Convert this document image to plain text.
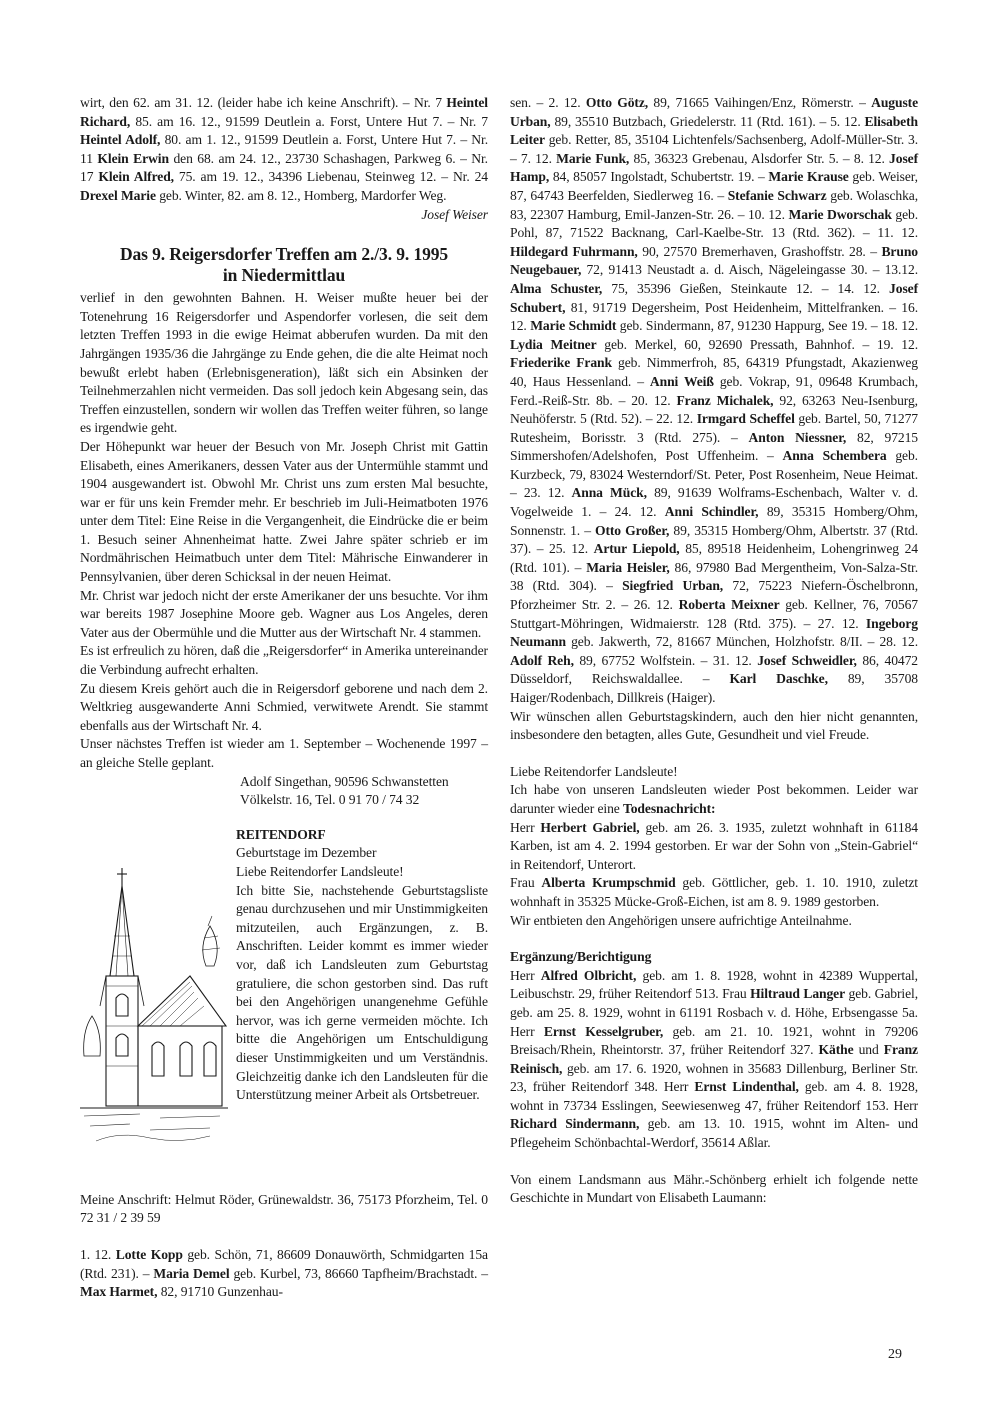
wirt, den 62. am 31. 12. (leider habe ich keine Anschrift). – Nr. 7 Heintel Richard, 85. am 16. 12., 91599 Deutlein a. Forst, Untere Hut 7. – Nr. 7 Heintel Adolf, 80. am 1. 12., 91599 Deutlein a. Forst, Untere Hut 7. – Nr. 11 Klein Erwin den 68. am 24. 12., 23730 Schashagen, Parkweg 6. – Nr. 17 Klein Alfred, 75. am 19. 12., 34396 Liebenau, Steinweg 12. – Nr. 24 Drexel Marie geb. Winter, 82. am 8. 12., Homberg, Mardorfer Weg.

Josef Weiser

Das 9. Reigersdorfer Treffen am 2./3. 9. 1995
in Niedermittlau

verlief in den gewohnten Bahnen. H. Weiser mußte heuer bei der Totenehrung 16 Reigersdorfer und Aspendorfer vorlesen, die seit dem letzten Treffen 1993 in die ewige Heimat abberufen wurden. Da mit den Jahrgängen 1935/36 die Jahrgänge zu Ende gehen, die die alte Heimat noch bewußt erlebt haben (Erlebnisgeneration), läßt sich ein Absinken der Teilnehmerzahlen nicht vermeiden. Das soll jedoch kein Abgesang sein, das Treffen einzustellen, sondern wir wollen das Treffen weiter führen, so lange es irgendwie geht.

Der Höhepunkt war heuer der Besuch von Mr. Joseph Christ mit Gattin Elisabeth, eines Amerikaners, dessen Vater aus der Untermühle stammt und 1904 ausgewandert ist. Obwohl Mr. Christ uns zum ersten Mal besuchte, war er für uns kein Fremder mehr. Er beschrieb im Juli-Heimatboten 1976 unter dem Titel: Eine Reise in die Vergangenheit, die Eindrücke die er beim 1. Besuch seiner Ahnenheimat hatte. Zwei Jahre später schrieb er im Nordmährischen Heimatbuch unter dem Titel: Mährische Einwanderer in Pennsylvanien, über deren Schicksal in der neuen Heimat.

Mr. Christ war jedoch nicht der erste Amerikaner der uns besuchte. Vor ihm war bereits 1987 Josephine Moore geb. Wagner aus Los Angeles, deren Vater aus der Obermühle und die Mutter aus der Wirtschaft Nr. 4 stammen.

Es ist erfreulich zu hören, daß die „Reigersdorfer“ in Amerika untereinander die Verbindung aufrecht erhalten.

Zu diesem Kreis gehört auch die in Reigersdorf geborene und nach dem 2. Weltkrieg ausgewanderte Anni Schmied, verwitwete Arendt. Sie stammt ebenfalls aus der Wirtschaft Nr. 4.

Unser nächstes Treffen ist wieder am 1. September – Wochenende 1997 – an gleiche Stelle geplant.

Adolf Singethan, 90596 Schwanstetten
Völkelstr. 16, Tel. 0 91 70 / 74 32
REITENDORF
Geburtstage im Dezember
Liebe Reitendorfer Landsleute!

Ich bitte Sie, nachstehende Geburtstagsliste genau durchzusehen und mir Unstimmigkeiten mitzuteilen, auch Ergänzungen, z. B. Anschriften. Leider kommt es immer wieder vor, daß ich Landsleuten zum Geburtstag gratuliere, die schon gestorben sind. Das ruft bei den Angehörigen unangenehme Gefühle hervor, was ich gerne vermeiden möchte. Ich bitte die Angehörigen um Entschuldigung dieser Unstimmigkeiten und um Verständnis. Gleichzeitig danke ich den Landsleuten für die Unterstützung meiner Arbeit als Ortsbetreuer.

Meine Anschrift: Helmut Röder, Grünewaldstr. 36, 75173 Pforzheim, Tel. 0 72 31 / 2 39 59

1. 12. Lotte Kopp geb. Schön, 71, 86609 Donauwörth, Schmidgarten 15a (Rtd. 231). – Maria Demel geb. Kurbel, 73, 86660 Tapfheim/Brachstadt. – Max Harmet, 82, 91710 Gunzenhau-

sen. – 2. 12. Otto Götz, 89, 71665 Vaihingen/Enz, Römerstr. – Auguste Urban, 89, 35510 Butzbach, Griedelerstr. 11 (Rtd. 161). – 5. 12. Elisabeth Leiter geb. Retter, 85, 35104 Lichtenfels/Sachsenberg, Adolf-Müller-Str. 3. – 7. 12. Marie Funk, 85, 36323 Grebenau, Alsdorfer Str. 5. – 8. 12. Josef Hamp, 84, 85057 Ingolstadt, Schubertstr. 19. – Marie Krause geb. Weiser, 87, 64743 Beerfelden, Siedlerweg 16. – Stefanie Schwarz geb. Wolaschka, 83, 22307 Hamburg, Emil-Janzen-Str. 26. – 10. 12. Marie Dworschak geb. Pohl, 87, 71522 Backnang, Carl-Kaelbe-Str. 13 (Rtd. 362). – 11. 12. Hildegard Fuhrmann, 90, 27570 Bremerhaven, Grashoffstr. 28. – Bruno Neugebauer, 72, 91413 Neustadt a. d. Aisch, Nägeleingasse 30. – 13.12. Alma Schuster, 75, 35396 Gießen, Steinkaute 12. – 14. 12. Josef Schubert, 81, 91719 Degersheim, Post Heidenheim, Mittelfranken. – 16. 12. Marie Schmidt geb. Sindermann, 87, 91230 Happurg, See 19. – 18. 12. Lydia Meitner geb. Merkel, 60, 92690 Pressath, Bahnhof. – 19. 12. Friederike Frank geb. Nimmerfroh, 85, 64319 Pfungstadt, Akazienweg 40, Haus Hessenland. – Anni Weiß geb. Vokrap, 91, 09648 Krumbach, Ferd.-Reiß-Str. 8b. – 20. 12. Franz Michalek, 92, 63263 Neu-Isenburg, Neuhöferstr. 5 (Rtd. 52). – 22. 12. Irmgard Scheffel geb. Bartel, 50, 71277 Rutesheim, Borisstr. 3 (Rtd. 275). – Anton Niessner, 82, 97215 Simmershofen/Adelshofen, Post Uffenheim. – Anna Schembera geb. Kurzbeck, 79, 83024 Westerndorf/St. Peter, Post Rosenheim, Neue Heimat. – 23. 12. Anna Mück, 89, 91639 Wolframs-Eschenbach, Walter v. d. Vogelweide 1. – 24. 12. Anni Schindler, 89, 35315 Homberg/Ohm, Sonnenstr. 1. – Otto Großer, 89, 35315 Homberg/Ohm, Albertstr. 37 (Rtd. 37). – 25. 12. Artur Liepold, 85, 89518 Heidenheim, Lohengrinweg 24 (Rtd. 101). – Maria Heisler, 86, 97980 Bad Mergentheim, Von-Salza-Str. 38 (Rtd. 304). – Siegfried Urban, 72, 75223 Niefern-Öschelbronn, Pforzheimer Str. 2. – 26. 12. Roberta Meixner geb. Kellner, 76, 70567 Stuttgart-Möhringen, Widmaierstr. 128 (Rtd. 375). – 27. 12. Ingeborg Neumann geb. Jakwerth, 72, 81667 München, Holzhofstr. 8/II. – 28. 12. Adolf Reh, 89, 67752 Wolfstein. – 31. 12. Josef Schweidler, 86, 40472 Düsseldorf, Reichswaldallee. – Karl Daschke, 89, 35708 Haiger/Rodenbach, Dillkreis (Haiger).

Wir wünschen allen Geburtstagskindern, auch den hier nicht genannten, insbesondere den betagten, alles Gute, Gesundheit und viel Freude.

Liebe Reitendorfer Landsleute!

Ich habe von unseren Landsleuten wieder Post bekommen. Leider war darunter wieder eine Todesnachricht:

Herr Herbert Gabriel, geb. am 26. 3. 1935, zuletzt wohnhaft in 61184 Karben, ist am 4. 2. 1994 gestorben. Er war der Sohn von „Stein-Gabriel“ in Reitendorf, Unterort.

Frau Alberta Krumpschmid geb. Göttlicher, geb. 1. 10. 1910, zuletzt wohnhaft in 35325 Mücke-Groß-Eichen, ist am 8. 9. 1989 gestorben.

Wir entbieten den Angehörigen unsere aufrichtige Anteilnahme.

Ergänzung/Berichtigung

Herr Alfred Olbricht, geb. am 1. 8. 1928, wohnt in 42389 Wuppertal, Leibuschstr. 29, früher Reitendorf 513. Frau Hiltraud Langer geb. Gabriel, geb. am 25. 8. 1929, wohnt in 61191 Rosbach v. d. Höhe, Erbsengasse 5a. Herr Ernst Kesselgruber, geb. am 21. 10. 1921, wohnt in 79206 Breisach/Rhein, Rheintorstr. 37, früher Reitendorf 327. Käthe und Franz Reinisch, geb. am 17. 6. 1920, wohnen in 35683 Dillenburg, Berliner Str. 23, früher Reitendorf 348. Herr Ernst Lindenthal, geb. am 4. 8. 1928, wohnt in 73734 Esslingen, Seewiesenweg 47, früher Reitendorf 153. Herr Richard Sindermann, geb. am 13. 10. 1915, wohnt im Alten- und Pflegeheim Schönbachtal-Werdorf, 35614 Aßlar.

Von einem Landsmann aus Mähr.-Schönberg erhielt ich folgende nette Geschichte in Mundart von Elisabeth Laumann:

29
